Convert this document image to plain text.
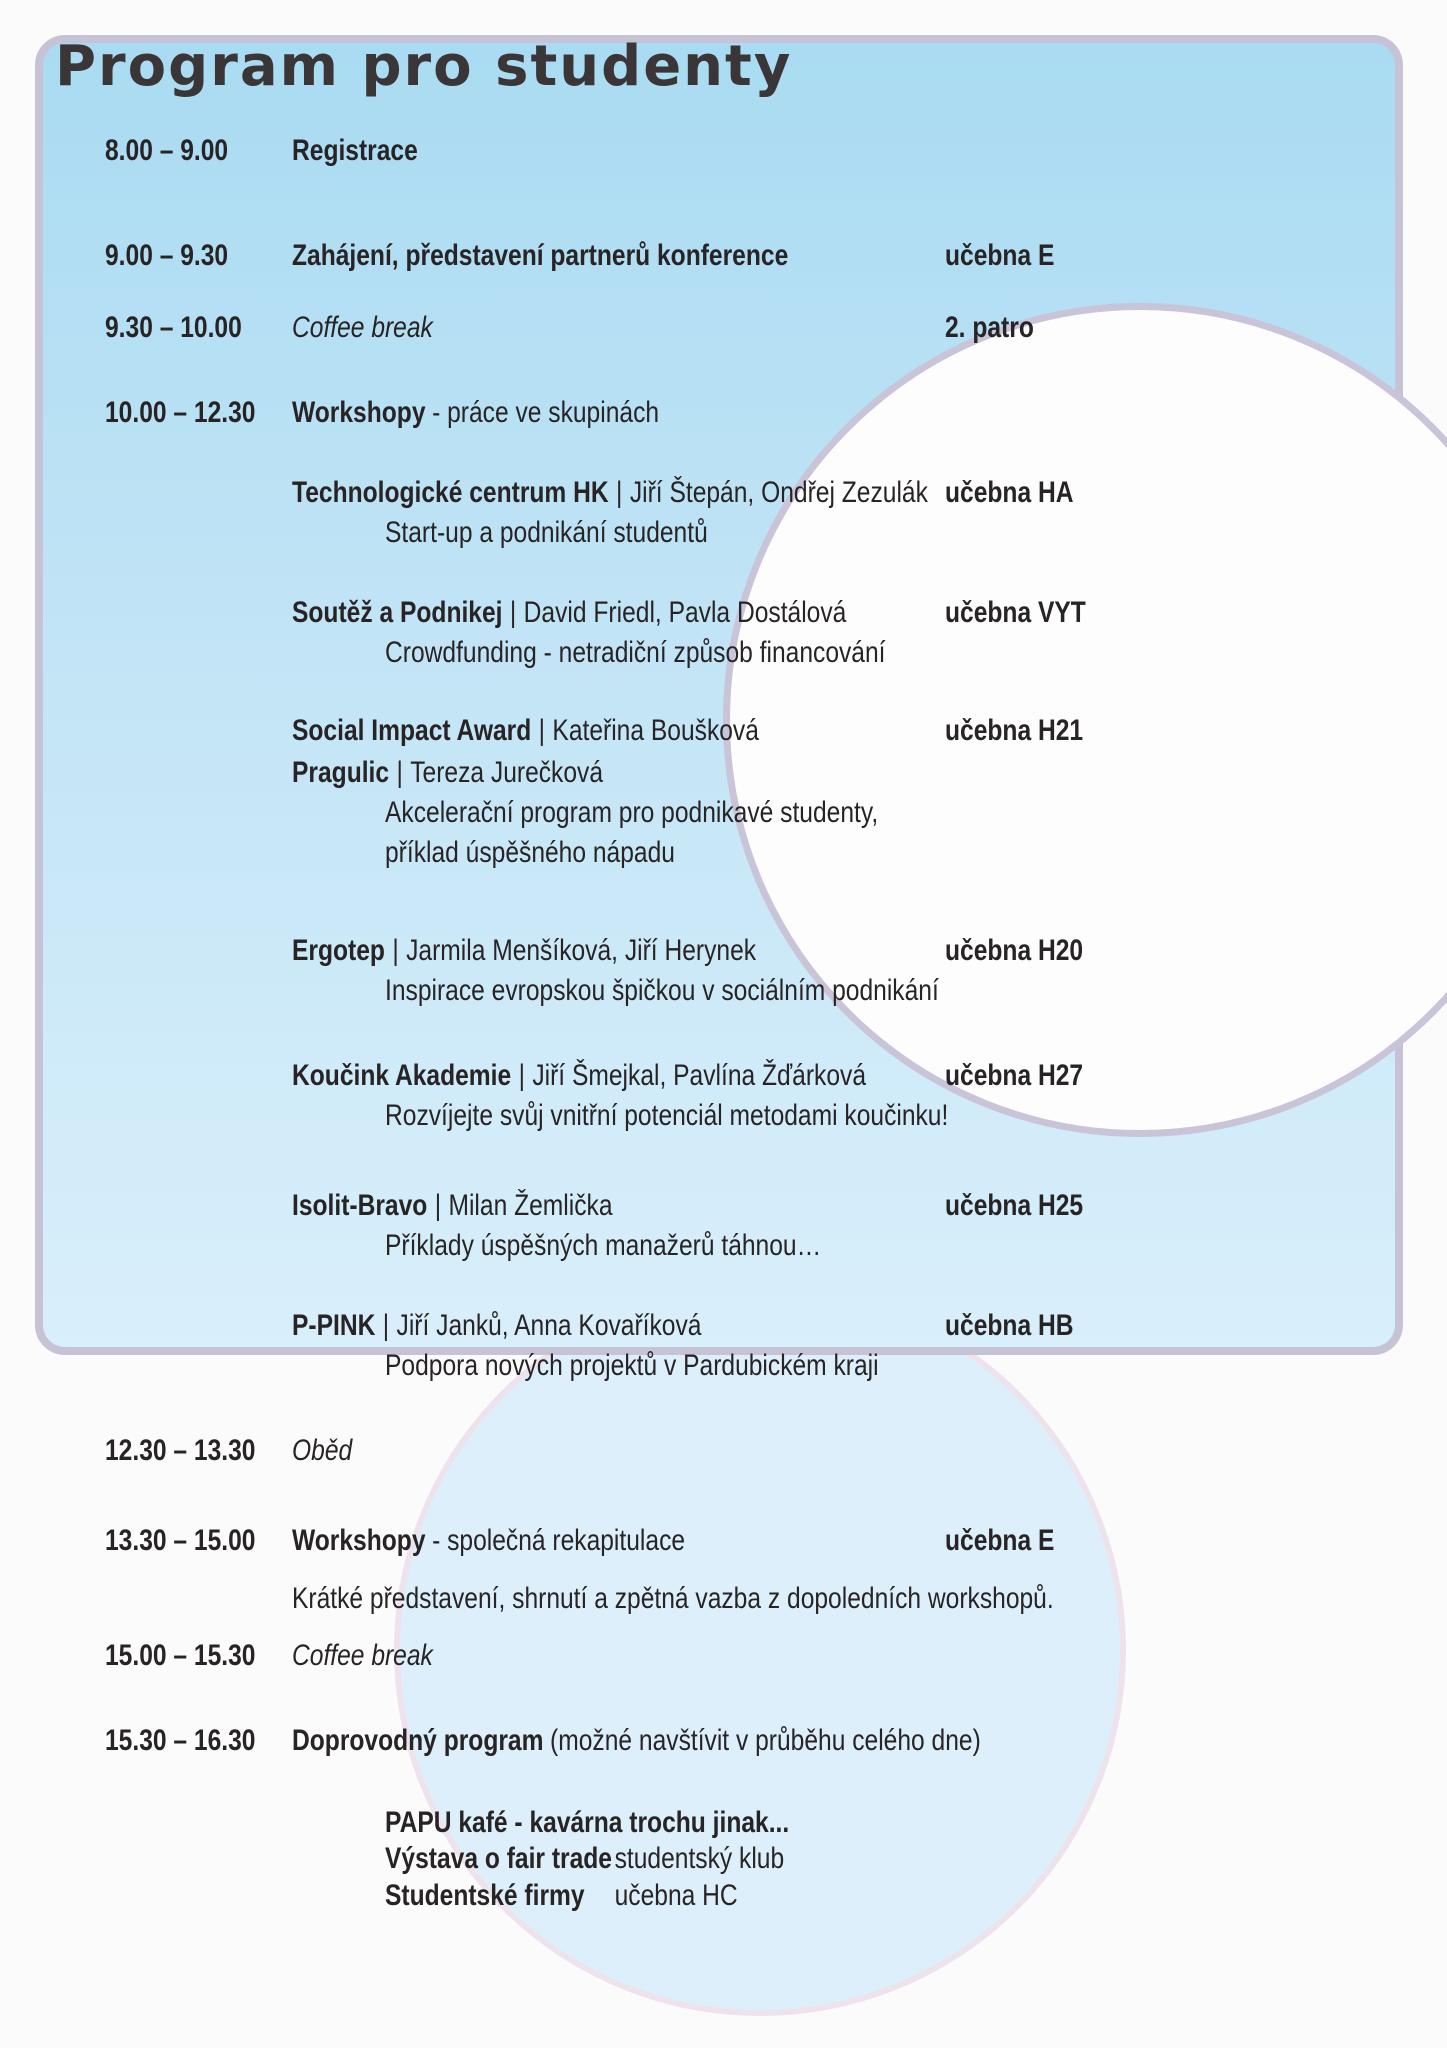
Program pro studenty
8.00 – 9.00 Registrace
9.00 – 9.30 Zahájení, představení partnerů konference	učebna E
9.30 – 10.00 Coffee break	2. patro
10.00 – 12.30 Workshopy - práce ve skupinách
Technologické centrum HK | Jiří Štepán, Ondřej Zezulák učebna HA
Start-up a podnikání studentů
Soutěž a Podnikej | David Friedl, Pavla Dostálová	učebna VYT
Crowdfunding - netradiční způsob financování
Social Impact Award | Kateřina Boušková	učebna H21
Pragulic | Tereza Jurečková
Akcelerační program pro podnikavé studenty,
příklad úspěšného nápadu
Ergotep | Jarmila Menšíková, Jiří Herynek	učebna H20
Inspirace evropskou špičkou v sociálním podnikání
Koučink Akademie | Jiří Šmejkal, Pavlína Žďárková	učebna H27
Rozvíjejte svůj vnitřní potenciál metodami koučinku!
Isolit-Bravo | Milan Žemlička	učebna H25
Příklady úspěšných manažerů táhnou…
P-PINK | Jiří Janků, Anna Kovaříková	učebna HB
Podpora nových projektů v Pardubickém kraji
12.30 – 13.30 Oběd
13.30 – 15.00 Workshopy - společná rekapitulace	učebna E
Krátké představení, shrnutí a zpětná vazba z dopoledních workshopů.
15.00 – 15.30 Coffee break
15.30 – 16.30 Doprovodný program (možné navštívit v průběhu celého dne)
PAPU kafé - kavárna trochu jinak...
Výstava o fair trade studentský klub
Studentské firmy učebna HC
